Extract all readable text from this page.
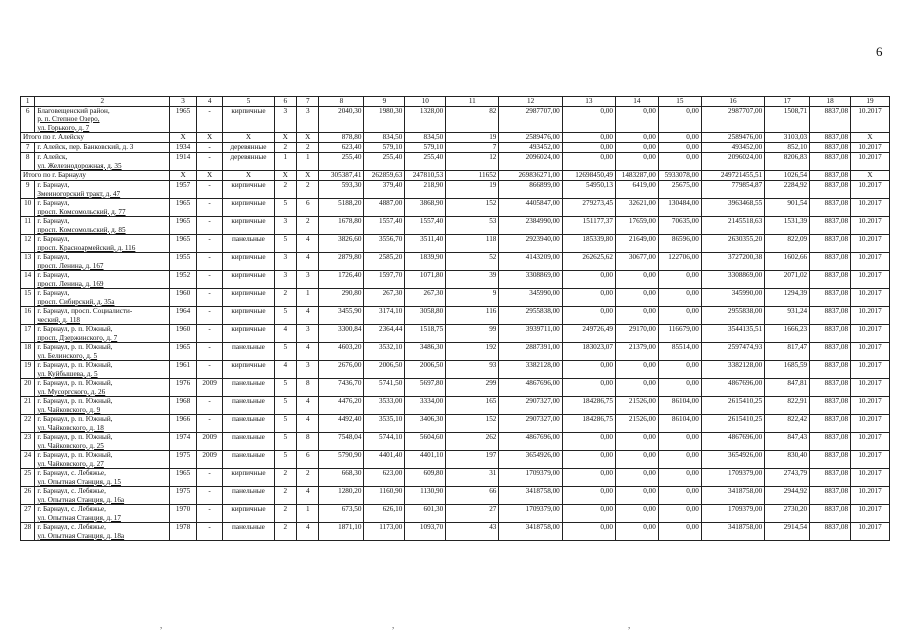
6
1	2	3	4	5	6	7	8	9	10	11	12	13	14	15	16	17	18	19
6	Благовещенский район,
р. п. Степное Озеро,
ул. Горького, д. 7	1965	-	кирпичные	3	3	2040,30	1980,30	1328,00	82	2987707,00	0,00	0,00	0,00	2987707,00	1508,71	8837,08	10.2017
Итого по г. Алейску		X	X	X	X	X	878,80	834,50	834,50	19	2589476,00	0,00	0,00	0,00	2589476,00	3103,03	8837,08	X
7	г. Алейск, пер. Банковский, д. 3	1934	-	деревянные	2	2	623,40	579,10	579,10	7	493452,00	0,00	0,00	0,00	493452,00	852,10	8837,08	10.2017
8	г. Алейск,
ул. Железнодорожная, д. 35	1914	-	деревянные	1	1	255,40	255,40	255,40	12	2096024,00	0,00	0,00	0,00	2096024,00	8206,83	8837,08	10.2017
Итого по г. Барнаулу		X	X	X	X	X	305387,41	262859,63	247810,53	11652	269836271,00	12698450,49	1483287,00	5933078,00	249721455,51	1026,54	8837,08	X
9	г. Барнаул,
Змеиногорский тракт, д. 47	1957	-	кирпичные	2	2	593,30	379,40	218,90	19	866899,00	54950,13	6419,00	25675,00	779854,87	2284,92	8837,08	10.2017
10	г. Барнаул,
просп. Комсомольский, д. 77	1965	-	кирпичные	5	6	5188,20	4887,00	3868,90	152	4405847,00	279273,45	32621,00	130484,00	3963468,55	901,54	8837,08	10.2017
11	г. Барнаул,
просп. Комсомольский, д. 85	1965	-	кирпичные	3	2	1678,80	1557,40	1557,40	53	2384990,00	151177,37	17659,00	70635,00	2145518,63	1531,39	8837,08	10.2017
12	г. Барнаул,
просп. Красноармейский, д. 116	1965	-	панельные	5	4	3826,60	3556,70	3511,40	118	2923940,00	185339,80	21649,00	86596,00	2630355,20	822,09	8837,08	10.2017
13	г. Барнаул,
просп. Ленина, д. 167	1955	-	кирпичные	3	4	2879,80	2585,20	1839,90	52	4143209,00	262625,62	30677,00	122706,00	3727200,38	1602,66	8837,08	10.2017
14	г. Барнаул,
просп. Ленина, д. 169	1952	-	кирпичные	3	3	1726,40	1597,70	1071,80	39	3308869,00	0,00	0,00	0,00	3308869,00	2071,02	8837,08	10.2017
15	г. Барнаул,
просп. Сибирский, д. 35а	1960	-	кирпичные	2	1	290,80	267,30	267,30	9	345990,00	0,00	0,00	0,00	345990,00	1294,39	8837,08	10.2017
16	г. Барнаул, просп. Социалисти-
ческий, д. 118	1964	-	кирпичные	5	4	3455,90	3174,10	3058,80	116	2955838,00	0,00	0,00	0,00	2955838,00	931,24	8837,08	10.2017
17	г. Барнаул, р. п. Южный,
просп. Дзержинского, д. 7	1960	-	кирпичные	4	3	3300,84	2364,44	1518,75	99	3939711,00	249726,49	29170,00	116679,00	3544135,51	1666,23	8837,08	10.2017
18	г. Барнаул, р. п. Южный,
ул. Белинского, д. 5	1965	-	панельные	5	4	4603,20	3532,10	3486,30	192	2887391,00	183023,07	21379,00	85514,00	2597474,93	817,47	8837,08	10.2017
19	г. Барнаул, р. п. Южный,
ул. Куйбышева, д. 5	1961	-	кирпичные	4	3	2676,00	2006,50	2006,50	93	3382128,00	0,00	0,00	0,00	3382128,00	1685,59	8837,08	10.2017
20	г. Барнаул, р. п. Южный,
ул. Мусоргского, д. 26	1976	2009	панельные	5	8	7436,70	5741,50	5697,80	299	4867696,00	0,00	0,00	0,00	4867696,00	847,81	8837,08	10.2017
21	г. Барнаул, р. п. Южный,
ул. Чайковского, д. 9	1968	-	панельные	5	4	4476,20	3533,00	3334,00	165	2907327,00	184286,75	21526,00	86104,00	2615410,25	822,91	8837,08	10.2017
22	г. Барнаул, р. п. Южный,
ул. Чайковского, д. 18	1966	-	панельные	5	4	4492,40	3535,10	3406,30	152	2907327,00	184286,75	21526,00	86104,00	2615410,25	822,42	8837,08	10.2017
23	г. Барнаул, р. п. Южный,
ул. Чайковского, д. 25	1974	2009	панельные	5	8	7548,04	5744,10	5604,60	262	4867696,00	0,00	0,00	0,00	4867696,00	847,43	8837,08	10.2017
24	г. Барнаул, р. п. Южный,
ул. Чайковского, д. 27	1975	2009	панельные	5	6	5790,90	4401,40	4401,10	197	3654926,00	0,00	0,00	0,00	3654926,00	830,40	8837,08	10.2017
25	г. Барнаул, с. Лебяжье,
ул. Опытная Станция, д. 15	1965	-	кирпичные	2	2	668,30	623,00	609,80	31	1709379,00	0,00	0,00	0,00	1709379,00	2743,79	8837,08	10.2017
26	г. Барнаул, с. Лебяжье,
ул. Опытная Станция, д. 16а	1975	-	панельные	2	4	1280,20	1160,90	1130,90	66	3418758,00	0,00	0,00	0,00	3418758,00	2944,92	8837,08	10.2017
27	г. Барнаул, с. Лебяжье,
ул. Опытная Станция, д. 17	1970	-	кирпичные	2	1	673,50	626,10	601,30	27	1709379,00	0,00	0,00	0,00	1709379,00	2730,20	8837,08	10.2017
28	г. Барнаул, с. Лебяжье,
ул. Опытная Станция, д. 18а	1978	-	панельные	2	4	1871,10	1173,00	1093,70	43	3418758,00	0,00	0,00	0,00	3418758,00	2914,54	8837,08	10.2017
,	,	,
